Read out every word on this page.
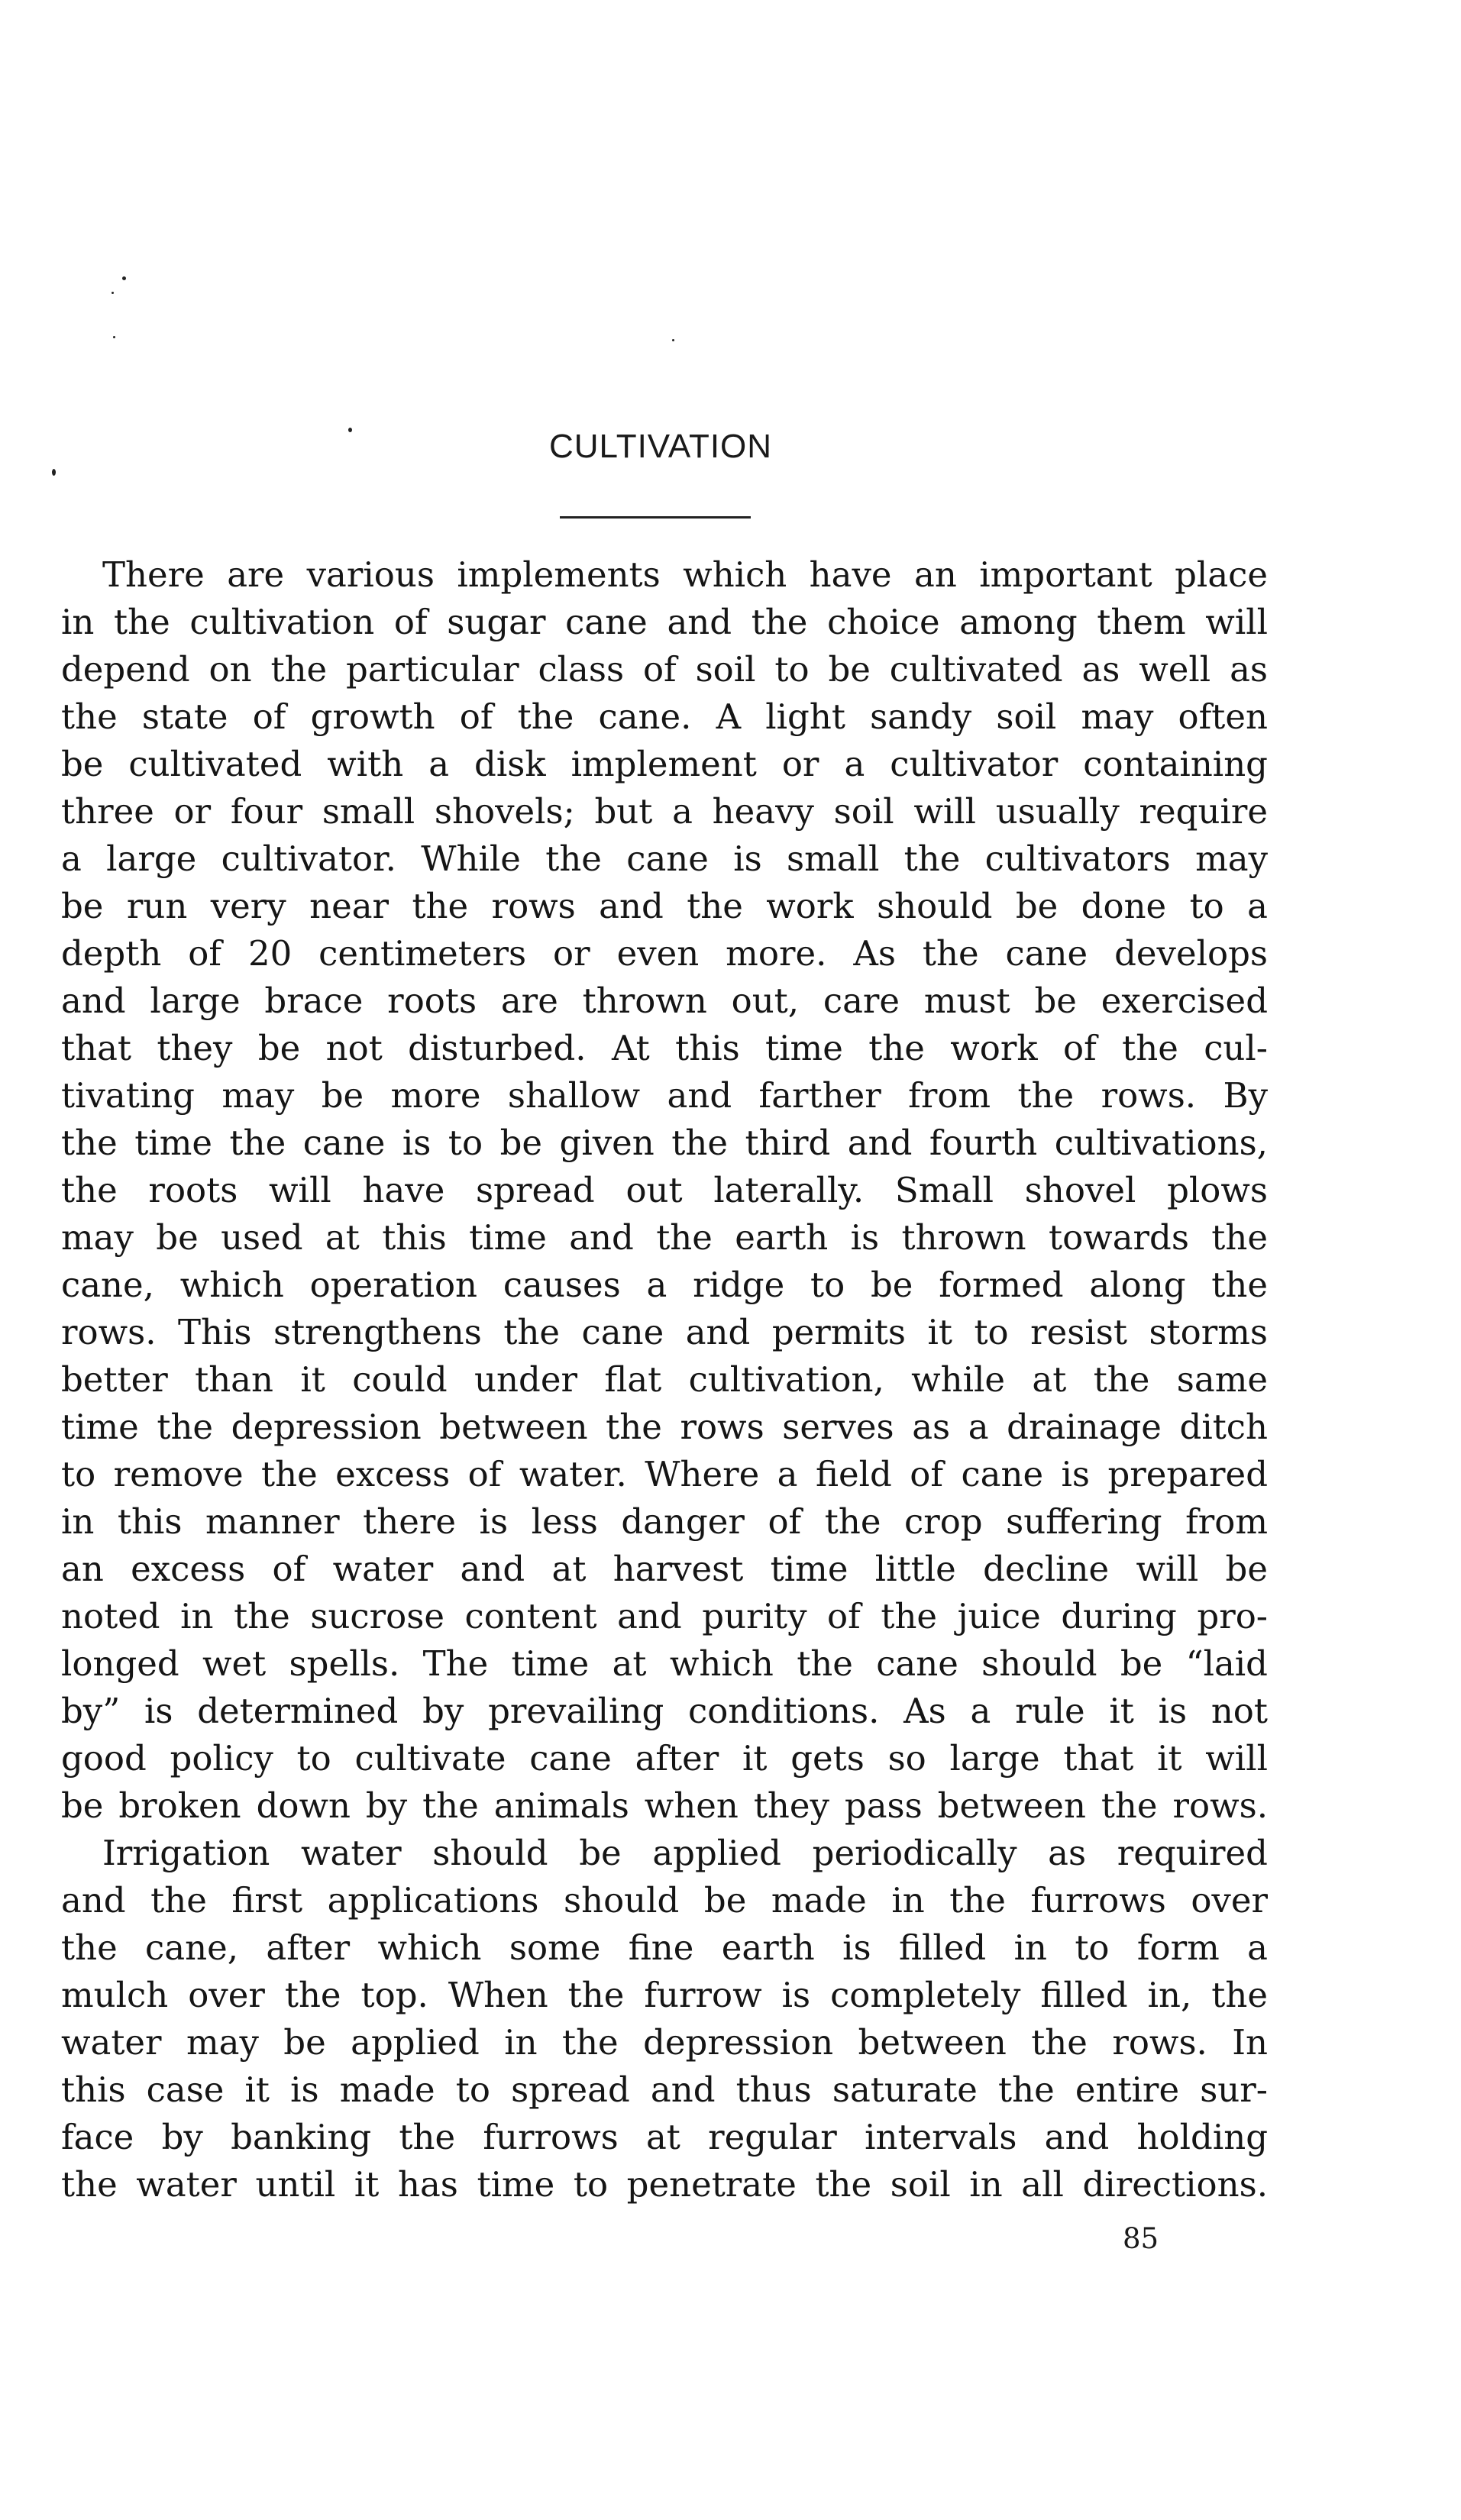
CULTIVATION
There are various implements which have an important place
in the cultivation of sugar cane and the choice among them will
depend on the particular class of soil to be cultivated as well as
the state of growth of the cane. A light sandy soil may often
be cultivated with a disk implement or a cultivator containing
three or four small shovels; but a heavy soil will usually require
a large cultivator. While the cane is small the cultivators may
be run very near the rows and the work should be done to a
depth of 20 centimeters or even more. As the cane develops
and large brace roots are thrown out, care must be exercised
that they be not disturbed. At this time the work of the cul-
tivating may be more shallow and farther from the rows. By
the time the cane is to be given the third and fourth cultivations,
the roots will have spread out laterally. Small shovel plows
may be used at this time and the earth is thrown towards the
cane, which operation causes a ridge to be formed along the
rows. This strengthens the cane and permits it to resist storms
better than it could under flat cultivation, while at the same
time the depression between the rows serves as a drainage ditch
to remove the excess of water. Where a field of cane is prepared
in this manner there is less danger of the crop suffering from
an excess of water and at harvest time little decline will be
noted in the sucrose content and purity of the juice during pro-
longed wet spells. The time at which the cane should be “laid
by” is determined by prevailing conditions. As a rule it is not
good policy to cultivate cane after it gets so large that it will
be broken down by the animals when they pass between the rows.
Irrigation water should be applied periodically as required
and the first applications should be made in the furrows over
the cane, after which some fine earth is filled in to form a
mulch over the top. When the furrow is completely filled in, the
water may be applied in the depression between the rows. In
this case it is made to spread and thus saturate the entire sur-
face by banking the furrows at regular intervals and holding
the water until it has time to penetrate the soil in all directions.
85
